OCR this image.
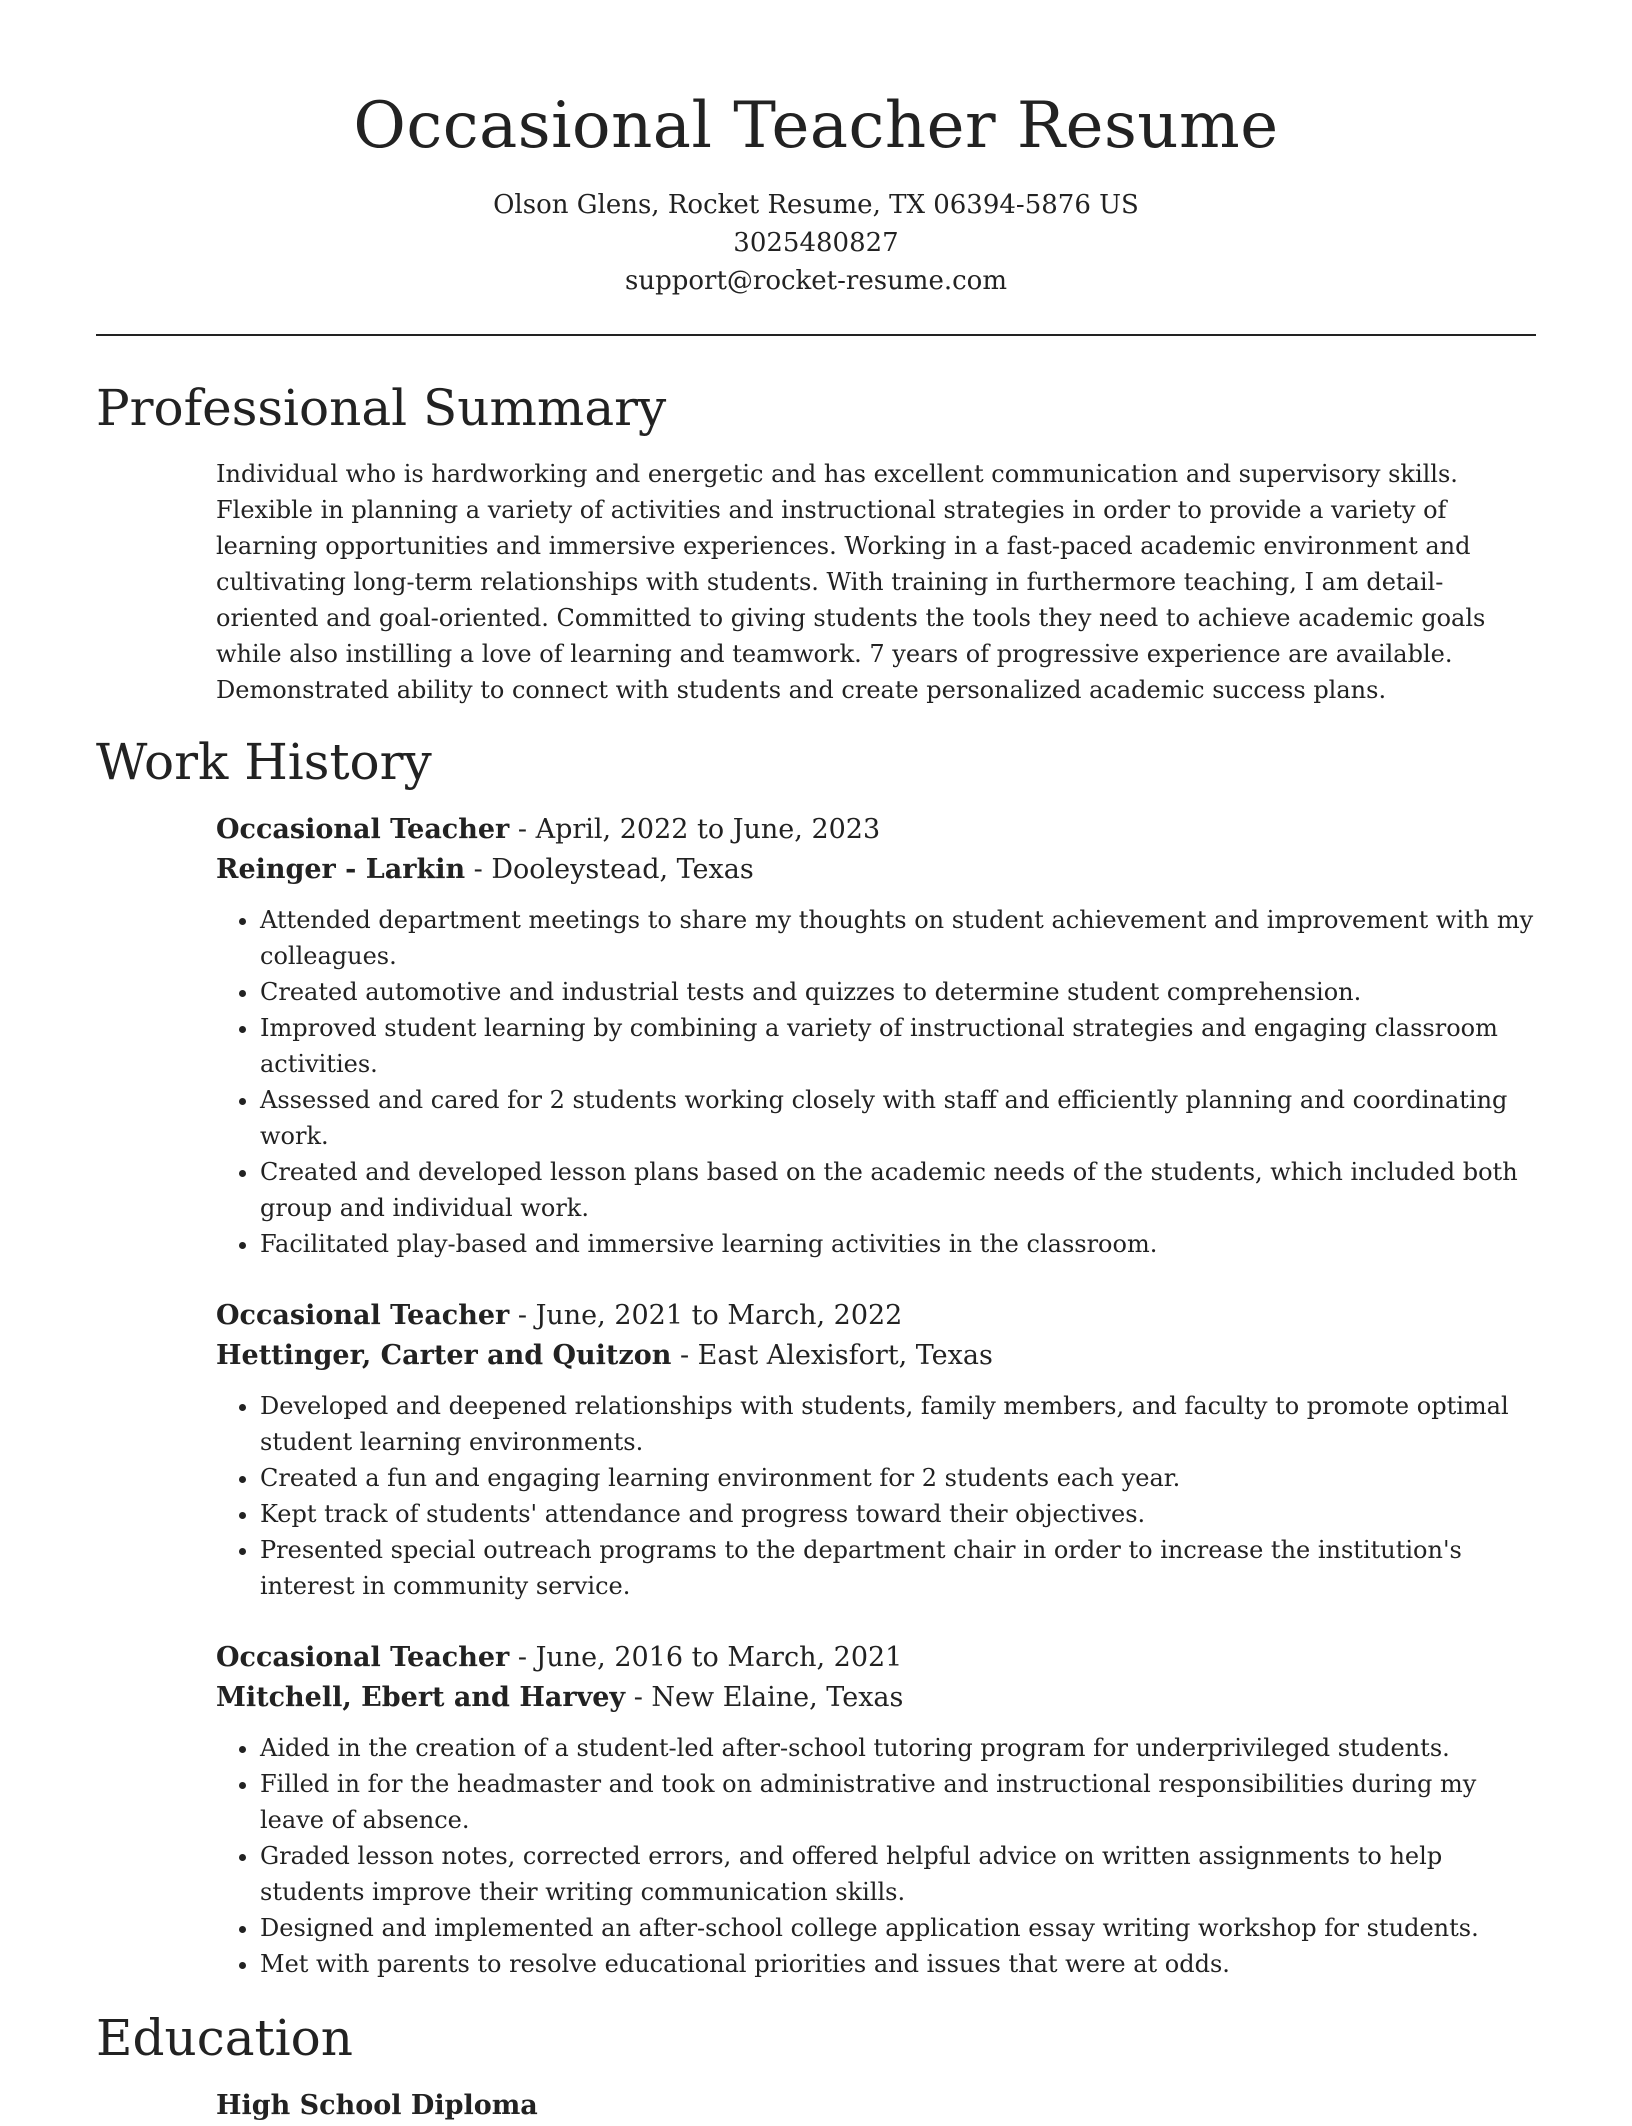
Occasional Teacher Resume
Olson Glens, Rocket Resume, TX 06394-5876 US
3025480827
support@rocket-resume.com
Professional Summary
Individual who is hardworking and energetic and has excellent communication and supervisory skills. Flexible in planning a variety of activities and instructional strategies in order to provide a variety of learning opportunities and immersive experiences. Working in a fast-paced academic environment and cultivating long-term relationships with students. With training in furthermore teaching, I am detail-oriented and goal-oriented. Committed to giving students the tools they need to achieve academic goals while also instilling a love of learning and teamwork. 7 years of progressive experience are available. Demonstrated ability to connect with students and create personalized academic success plans.
Work History
Occasional Teacher - April, 2022 to June, 2023
Reinger - Larkin - Dooleystead, Texas
• Attended department meetings to share my thoughts on student achievement and improvement with my colleagues.
• Created automotive and industrial tests and quizzes to determine student comprehension.
• Improved student learning by combining a variety of instructional strategies and engaging classroom activities.
• Assessed and cared for 2 students working closely with staff and efficiently planning and coordinating work.
• Created and developed lesson plans based on the academic needs of the students, which included both group and individual work.
• Facilitated play-based and immersive learning activities in the classroom.
Occasional Teacher - June, 2021 to March, 2022
Hettinger, Carter and Quitzon - East Alexisfort, Texas
• Developed and deepened relationships with students, family members, and faculty to promote optimal student learning environments.
• Created a fun and engaging learning environment for 2 students each year.
• Kept track of students' attendance and progress toward their objectives.
• Presented special outreach programs to the department chair in order to increase the institution's interest in community service.
Occasional Teacher - June, 2016 to March, 2021
Mitchell, Ebert and Harvey - New Elaine, Texas
• Aided in the creation of a student-led after-school tutoring program for underprivileged students.
• Filled in for the headmaster and took on administrative and instructional responsibilities during my leave of absence.
• Graded lesson notes, corrected errors, and offered helpful advice on written assignments to help students improve their writing communication skills.
• Designed and implemented an after-school college application essay writing workshop for students.
• Met with parents to resolve educational priorities and issues that were at odds.
Education
High School Diploma
